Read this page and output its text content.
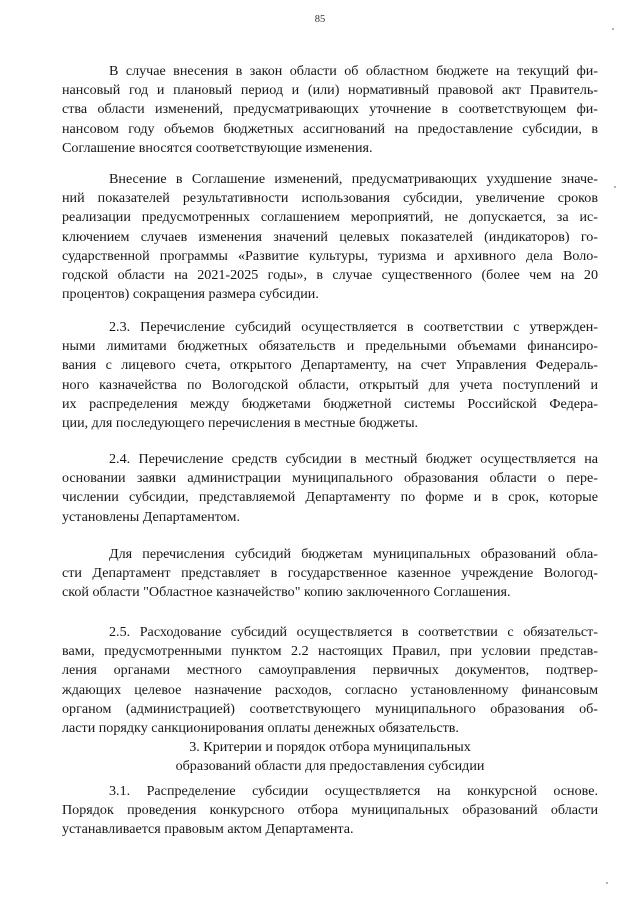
85
В случае внесения в закон области об областном бюджете на текущий фи-
нансовый год и плановый период и (или) нормативный правовой акт Правитель-
ства области изменений, предусматривающих уточнение в соответствующем фи-
нансовом году объемов бюджетных ассигнований на предоставление субсидии, в
Соглашение вносятся соответствующие изменения.
Внесение в Соглашение изменений, предусматривающих ухудшение значе-
ний показателей результативности использования субсидии, увеличение сроков
реализации предусмотренных соглашением мероприятий, не допускается, за ис-
ключением случаев изменения значений целевых показателей (индикаторов) го-
сударственной программы «Развитие культуры, туризма и архивного дела Воло-
годской области на 2021-2025 годы», в случае существенного (более чем на 20
процентов) сокращения размера субсидии.
2.3. Перечисление субсидий осуществляется в соответствии с утвержден-
ными лимитами бюджетных обязательств и предельными объемами финансиро-
вания с лицевого счета, открытого Департаменту, на счет Управления Федераль-
ного казначейства по Вологодской области, открытый для учета поступлений и
их распределения между бюджетами бюджетной системы Российской Федера-
ции, для последующего перечисления в местные бюджеты.
2.4. Перечисление средств субсидии в местный бюджет осуществляется на
основании заявки администрации муниципального образования области о пере-
числении субсидии, представляемой Департаменту по форме и в срок, которые
установлены Департаментом.
Для перечисления субсидий бюджетам муниципальных образований обла-
сти Департамент представляет в государственное казенное учреждение Вологод-
ской области "Областное казначейство" копию заключенного Соглашения.
2.5. Расходование субсидий осуществляется в соответствии с обязательст-
вами, предусмотренными пунктом 2.2 настоящих Правил, при условии представ-
ления органами местного самоуправления первичных документов, подтвер-
ждающих целевое назначение расходов, согласно установленному финансовым
органом (администрацией) соответствующего муниципального образования об-
ласти порядку санкционирования оплаты денежных обязательств.
3. Критерии и порядок отбора муниципальных
образований области для предоставления субсидии
3.1. Распределение субсидии осуществляется на конкурсной основе.
Порядок проведения конкурсного отбора муниципальных образований области
устанавливается правовым актом Департамента.
